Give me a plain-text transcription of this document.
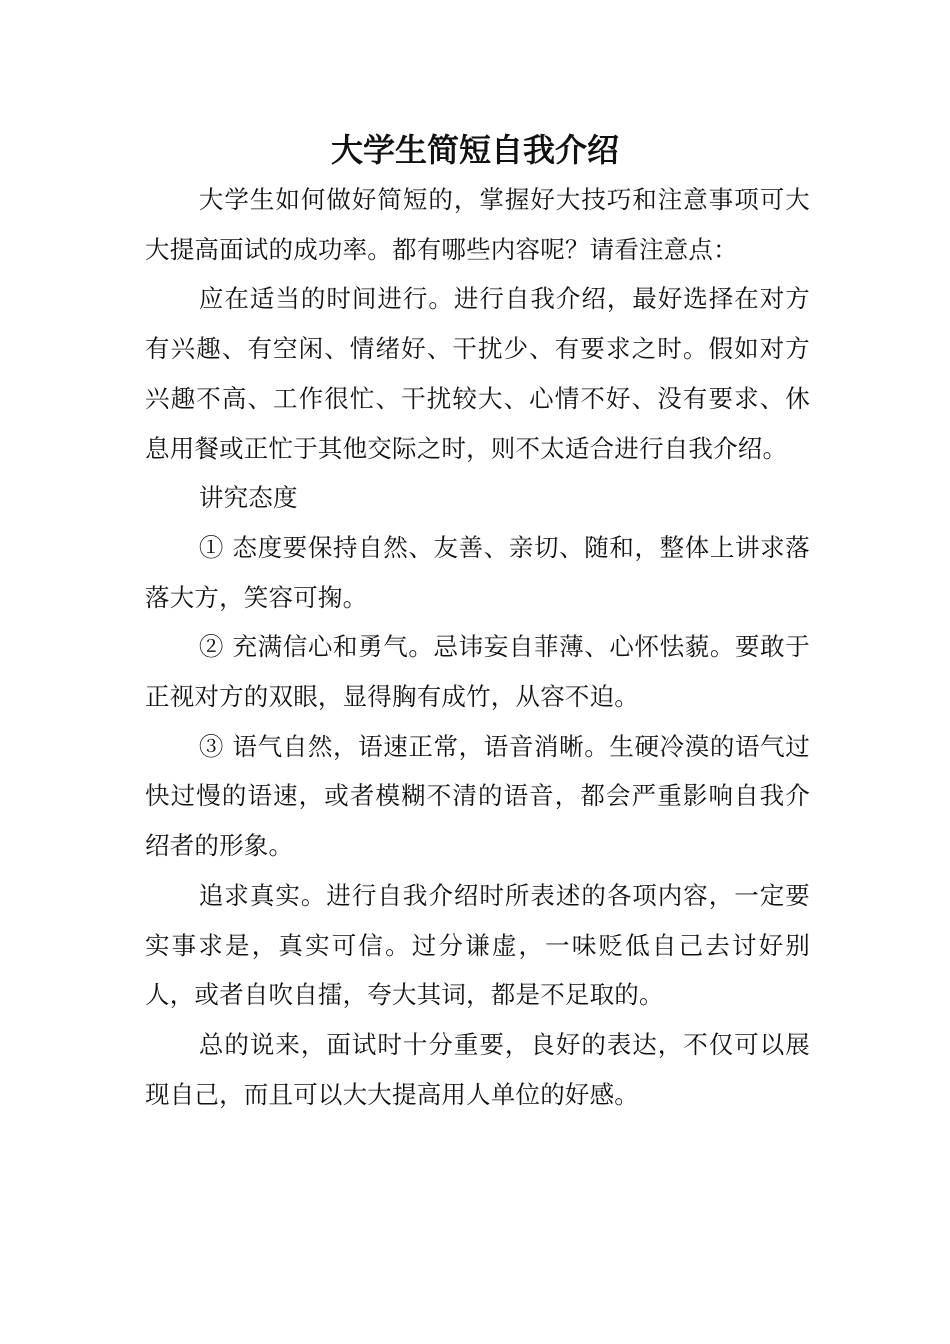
大学生简短自我介绍

大学生如何做好简短的，掌握好大技巧和注意事项可大大提高面试的成功率。都有哪些内容呢？请看注意点：

应在适当的时间进行。进行自我介绍，最好选择在对方有兴趣、有空闲、情绪好、干扰少、有要求之时。假如对方兴趣不高、工作很忙、干扰较大、心情不好、没有要求、休息用餐或正忙于其他交际之时，则不太适合进行自我介绍。

讲究态度

① 态度要保持自然、友善、亲切、随和，整体上讲求落落大方，笑容可掬。

② 充满信心和勇气。忌讳妄自菲薄、心怀怯藐。要敢于正视对方的双眼，显得胸有成竹，从容不迫。

③ 语气自然，语速正常，语音消晰。生硬冷漠的语气过快过慢的语速，或者模糊不清的语音，都会严重影响自我介绍者的形象。

追求真实。进行自我介绍时所表述的各项内容，一定要实事求是，真实可信。过分谦虚，一味贬低自己去讨好别人，或者自吹自擂，夸大其词，都是不足取的。

总的说来，面试时十分重要，良好的表达，不仅可以展现自己，而且可以大大提高用人单位的好感。
